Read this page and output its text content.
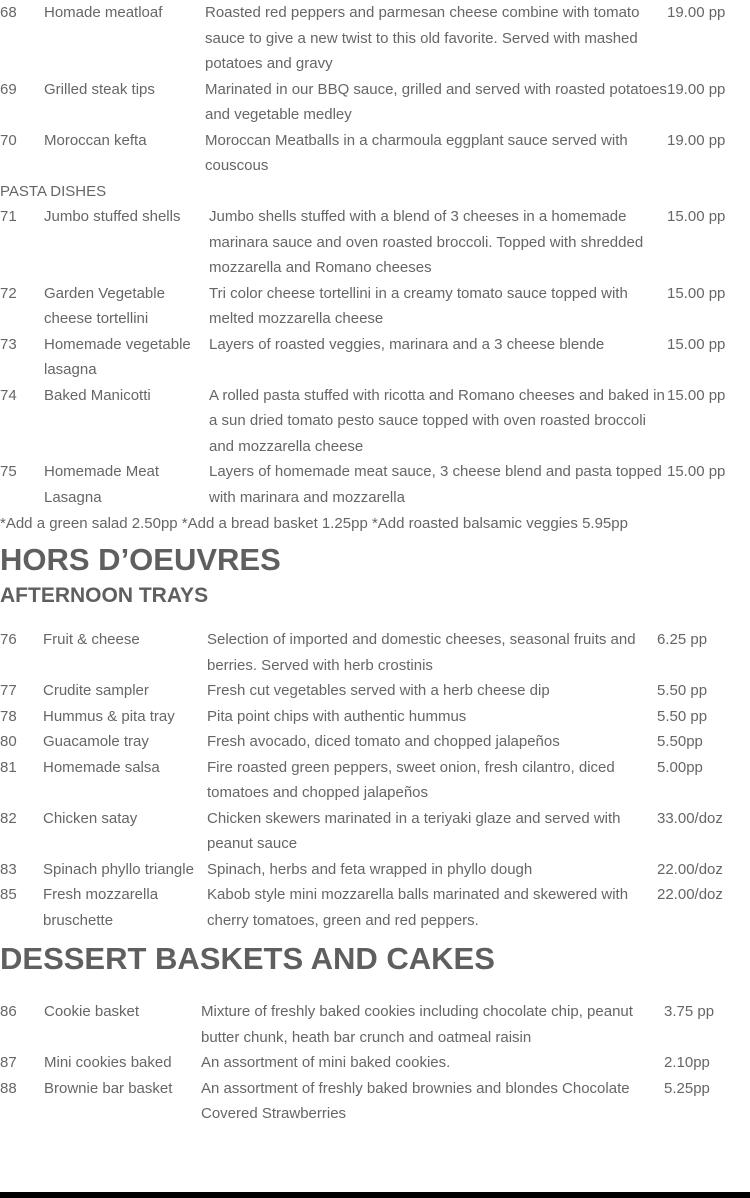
68	Homade meatloaf	Roasted red peppers and parmesan cheese combine with tomato sauce to give a new twist to this old favorite. Served with mashed potatoes and gravy	19.00 pp
69	Grilled steak tips	Marinated in our BBQ sauce, grilled and served with roasted potatoes and vegetable medley	19.00 pp
70	Moroccan kefta	Moroccan Meatballs in a charmoula eggplant sauce served with couscous	19.00 pp
PASTA DISHES
71	Jumbo stuffed shells	Jumbo shells stuffed with a blend of 3 cheeses in a homemade marinara sauce and oven roasted broccoli. Topped with shredded mozzarella and Romano cheeses	15.00 pp
72	Garden Vegetable cheese tortellini	Tri color cheese tortellini in a creamy tomato sauce topped with melted mozzarella cheese	15.00 pp
73	Homemade vegetable lasagna	Layers of roasted veggies, marinara and a 3 cheese blende	15.00 pp
74	Baked Manicotti	A rolled pasta stuffed with ricotta and Romano cheeses and baked in a sun dried tomato pesto sauce topped with oven roasted broccoli and mozzarella cheese	15.00 pp
75	Homemade Meat Lasagna	Layers of homemade meat sauce, 3 cheese blend and pasta topped with marinara and mozzarella	15.00 pp
*Add a green salad 2.50pp *Add a bread basket 1.25pp *Add roasted balsamic veggies 5.95pp
HORS D’OEUVRES
AFTERNOON TRAYS
76	Fruit & cheese	Selection of imported and domestic cheeses, seasonal fruits and berries. Served with herb crostinis	6.25 pp
77	Crudite sampler	Fresh cut vegetables served with a herb cheese dip	5.50 pp
78	Hummus & pita tray	Pita point chips with authentic hummus	5.50 pp
80	Guacamole tray	Fresh avocado, diced tomato and chopped jalapeños	5.50pp
81	Homemade salsa	Fire roasted green peppers, sweet onion, fresh cilantro, diced tomatoes and chopped jalapeños	5.00pp
82	Chicken satay	Chicken skewers marinated in a teriyaki glaze and served with peanut sauce	33.00/doz
83	Spinach phyllo triangle	Spinach, herbs and feta wrapped in phyllo dough	22.00/doz
85	Fresh mozzarella bruschette	Kabob style mini mozzarella balls marinated and skewered with cherry tomatoes, green and red peppers.	22.00/doz
DESSERT BASKETS AND CAKES
86	Cookie basket	Mixture of freshly baked cookies including chocolate chip, peanut butter chunk, heath bar crunch and oatmeal raisin	3.75 pp
87	Mini cookies baked	An assortment of mini baked cookies.	2.10pp
88	Brownie bar basket	An assortment of freshly baked brownies and blondes Chocolate Covered Strawberries	5.25pp
